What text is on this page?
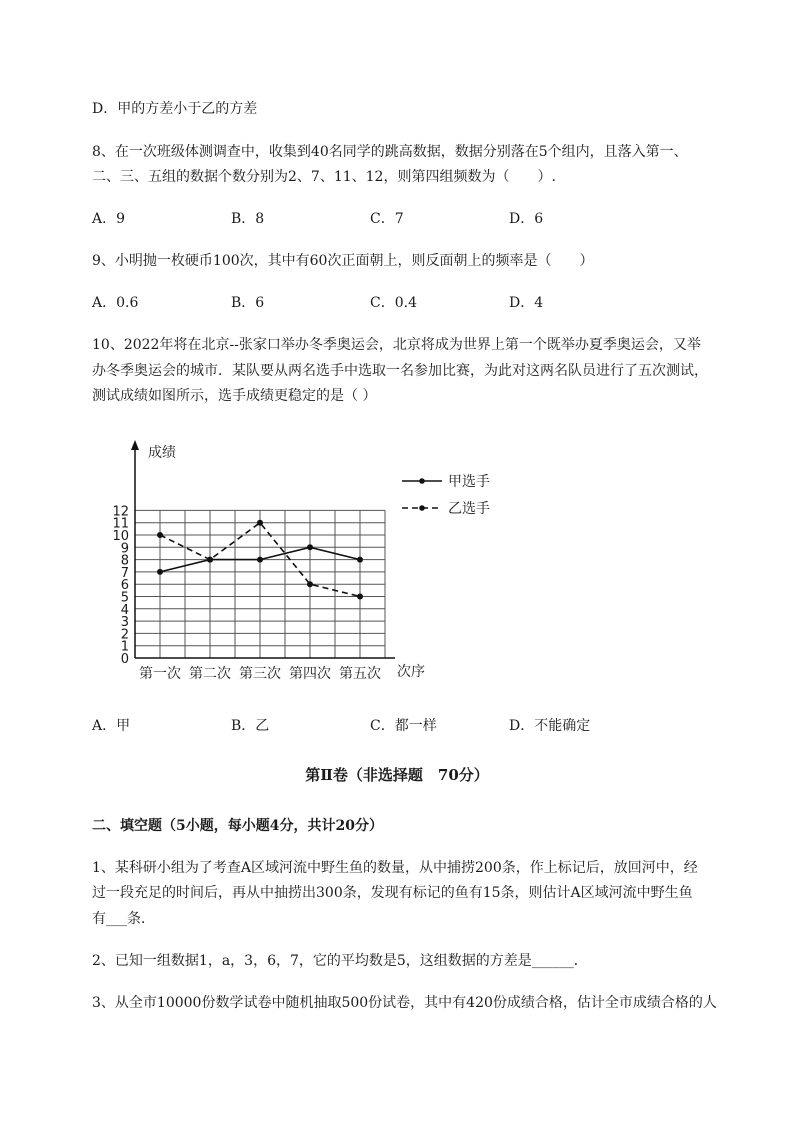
D．甲的方差小于乙的方差
8、在一次班级体测调查中，收集到40名同学的跳高数据，数据分别落在5个组内，且落入第一、
二、三、五组的数据个数分别为2、7、11、12，则第四组频数为（　　）.
A．9	B．8	C．7	D．6
9、小明抛一枚硬币100次，其中有60次正面朝上，则反面朝上的频率是（　　）
A．0.6	B．6	C．0.4	D．4
10、2022年将在北京--张家口举办冬季奥运会，北京将成为世界上第一个既举办夏季奥运会，又举
办冬季奥运会的城市．某队要从两名选手中选取一名参加比赛，为此对这两名队员进行了五次测试，
测试成绩如图所示，选手成绩更稳定的是（ ）
0
1
2
3
4
5
6
7
8
9
10
11
12
成绩
第一次 第二次 第三次 第四次 第五次 次序
甲选手
乙选手
A．甲	B．乙	C．都一样	D．不能确定
第Ⅱ卷（非选择题　70分）
二、填空题（5小题，每小题4分，共计20分）
1、某科研小组为了考查A区域河流中野生鱼的数量，从中捕捞200条，作上标记后，放回河中，经
过一段充足的时间后，再从中抽捞出300条，发现有标记的鱼有15条，则估计A区域河流中野生鱼
有___条．
2、已知一组数据1，a，3，6，7，它的平均数是5，这组数据的方差是______．
3、从全市10000份数学试卷中随机抽取500份试卷，其中有420份成绩合格，估计全市成绩合格的人
